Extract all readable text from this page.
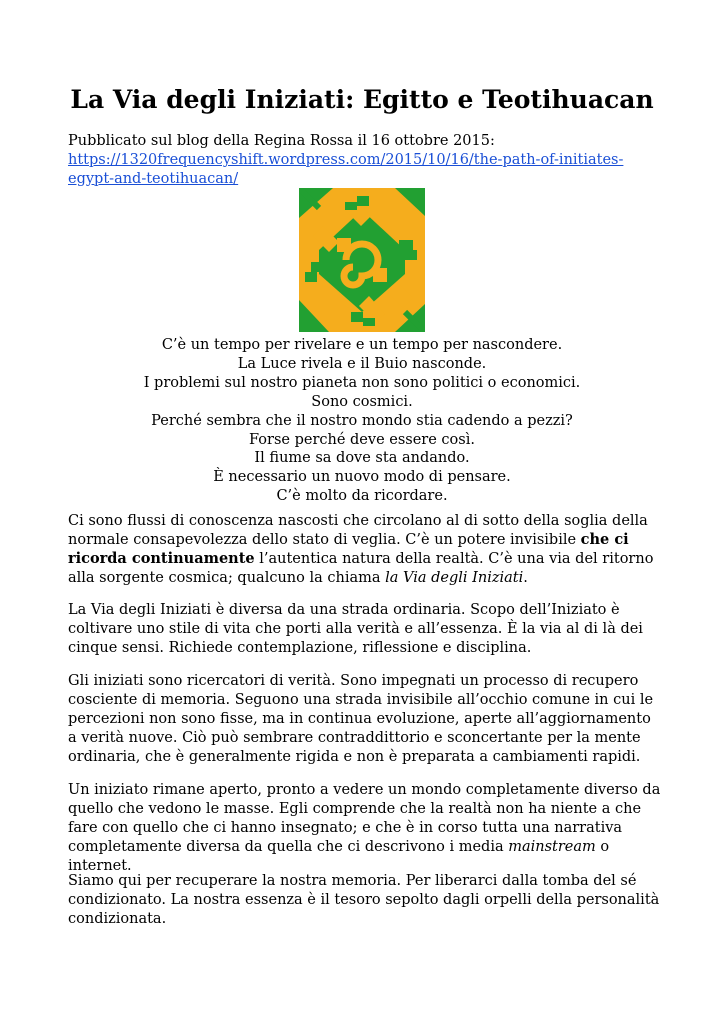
La Via degli Iniziati: Egitto e Teotihuacan
Pubblicato sul blog della Regina Rossa il 16 ottobre 2015:
https://1320frequencyshift.wordpress.com/2015/10/16/the-path-of-initiates-
egypt-and-teotihuacan/
C’è un tempo per rivelare e un tempo per nascondere.
La Luce rivela e il Buio nasconde.
I problemi sul nostro pianeta non sono politici o economici.
Sono cosmici.
Perché sembra che il nostro mondo stia cadendo a pezzi?
Forse perché deve essere così.
Il fiume sa dove sta andando.
È necessario un nuovo modo di pensare.
C’è molto da ricordare.

Ci sono flussi di conoscenza nascosti che circolano al di sotto della soglia della normale consapevolezza dello stato di veglia. C’è un potere invisibile che ci ricorda continuamente l’autentica natura della realtà. C’è una via del ritorno alla sorgente cosmica; qualcuno la chiama la Via degli Iniziati.

La Via degli Iniziati è diversa da una strada ordinaria. Scopo dell’Iniziato è coltivare uno stile di vita che porti alla verità e all’essenza. È la via al di là dei cinque sensi. Richiede contemplazione, riflessione e disciplina.

Gli iniziati sono ricercatori di verità. Sono impegnati un processo di recupero cosciente di memoria. Seguono una strada invisibile all’occhio comune in cui le percezioni non sono fisse, ma in continua evoluzione, aperte all’aggiornamento a verità nuove. Ciò può sembrare contraddittorio e sconcertante per la mente ordinaria, che è generalmente rigida e non è preparata a cambiamenti rapidi.

Un iniziato rimane aperto, pronto a vedere un mondo completamente diverso da quello che vedono le masse. Egli comprende che la realtà non ha niente a che fare con quello che ci hanno insegnato; e che è in corso tutta una narrativa completamente diversa da quella che ci descrivono i media mainstream o internet.

Siamo qui per recuperare la nostra memoria. Per liberarci dalla tomba del sé condizionato. La nostra essenza è il tesoro sepolto dagli orpelli della personalità condizionata.
